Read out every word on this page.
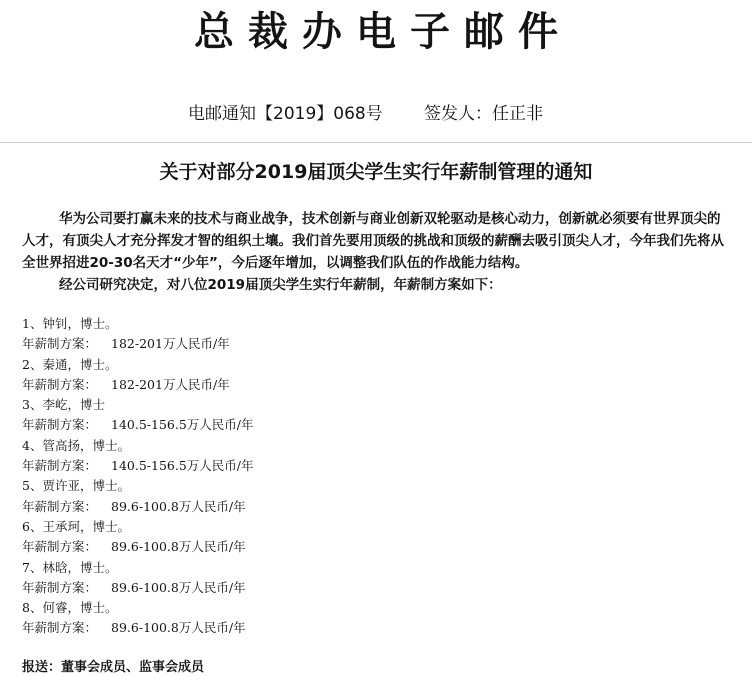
总裁办电子邮件
电邮通知【2019】068号 签发人：任正非
关于对部分2019届顶尖学生实行年薪制管理的通知
华为公司要打赢未来的技术与商业战争，技术创新与商业创新双轮驱动是核心动力，创新就必须要有世界顶尖的人才，有顶尖人才充分挥发才智的组织土壤。我们首先要用顶级的挑战和顶级的薪酬去吸引顶尖人才，今年我们先将从全世界招进20-30名天才“少年”，今后逐年增加，以调整我们队伍的作战能力结构。
经公司研究决定，对八位2019届顶尖学生实行年薪制，年薪制方案如下：
1、钟钊，博士。
年薪制方案： 182-201万人民币/年
2、秦通，博士。
年薪制方案： 182-201万人民币/年
3、李屹，博士
年薪制方案： 140.5-156.5万人民币/年
4、管高扬，博士。
年薪制方案： 140.5-156.5万人民币/年
5、贾许亚，博士。
年薪制方案： 89.6-100.8万人民币/年
6、王承珂，博士。
年薪制方案： 89.6-100.8万人民币/年
7、林晗，博士。
年薪制方案： 89.6-100.8万人民币/年
8、何睿，博士。
年薪制方案： 89.6-100.8万人民币/年
报送：董事会成员、监事会成员
